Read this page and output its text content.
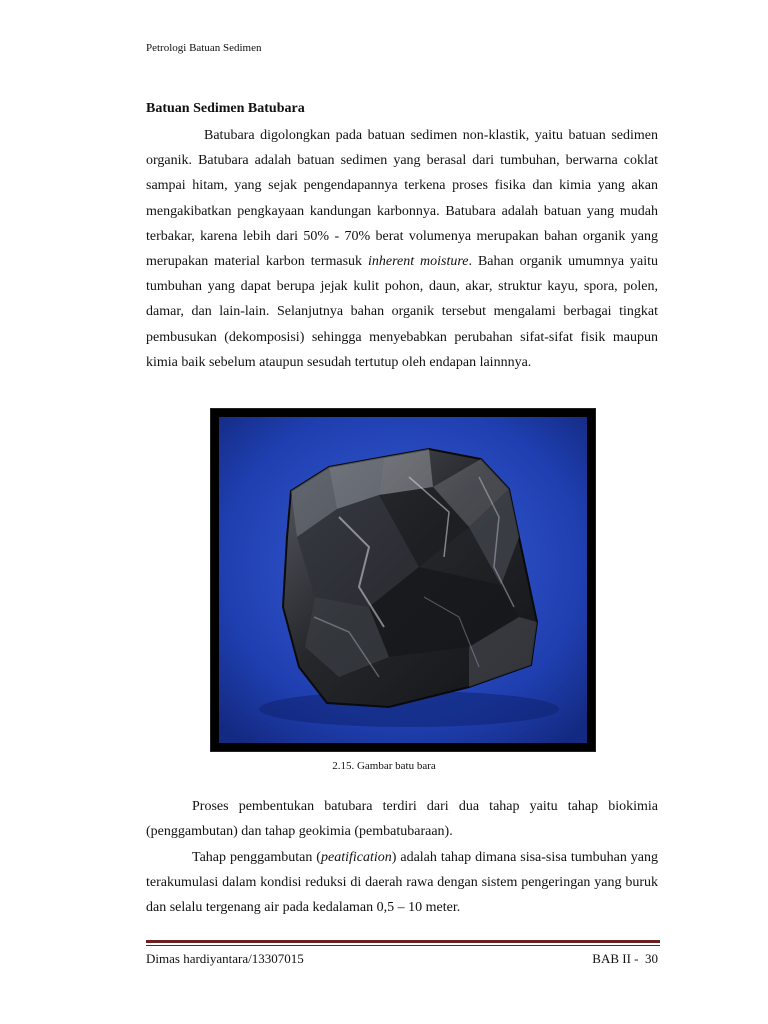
Petrologi Batuan Sedimen
Batuan Sedimen Batubara
Batubara digolongkan pada batuan sedimen non-klastik, yaitu batuan sedimen organik. Batubara adalah batuan sedimen yang berasal dari tumbuhan, berwarna coklat sampai hitam, yang sejak pengendapannya terkena proses fisika dan kimia yang akan mengakibatkan pengkayaan kandungan karbonnya. Batubara adalah batuan yang mudah terbakar, karena lebih dari 50% - 70% berat volumenya merupakan bahan organik yang merupakan material karbon termasuk inherent moisture. Bahan organik umumnya yaitu tumbuhan yang dapat berupa jejak kulit pohon, daun, akar, struktur kayu, spora, polen, damar, dan lain-lain. Selanjutnya bahan organik tersebut mengalami berbagai tingkat pembusukan (dekomposisi) sehingga menyebabkan perubahan sifat-sifat fisik maupun kimia baik sebelum ataupun sesudah tertutup oleh endapan lainnnya.
2.15. Gambar batu bara
Proses pembentukan batubara terdiri dari dua tahap yaitu tahap biokimia (penggambutan) dan tahap geokimia (pembatubaraan).
Tahap penggambutan (peatification) adalah tahap dimana sisa-sisa tumbuhan yang terakumulasi dalam kondisi reduksi di daerah rawa dengan sistem pengeringan yang buruk dan selalu tergenang air pada kedalaman 0,5 – 10 meter.
Dimas hardiyantara/13307015	BAB II -  30
